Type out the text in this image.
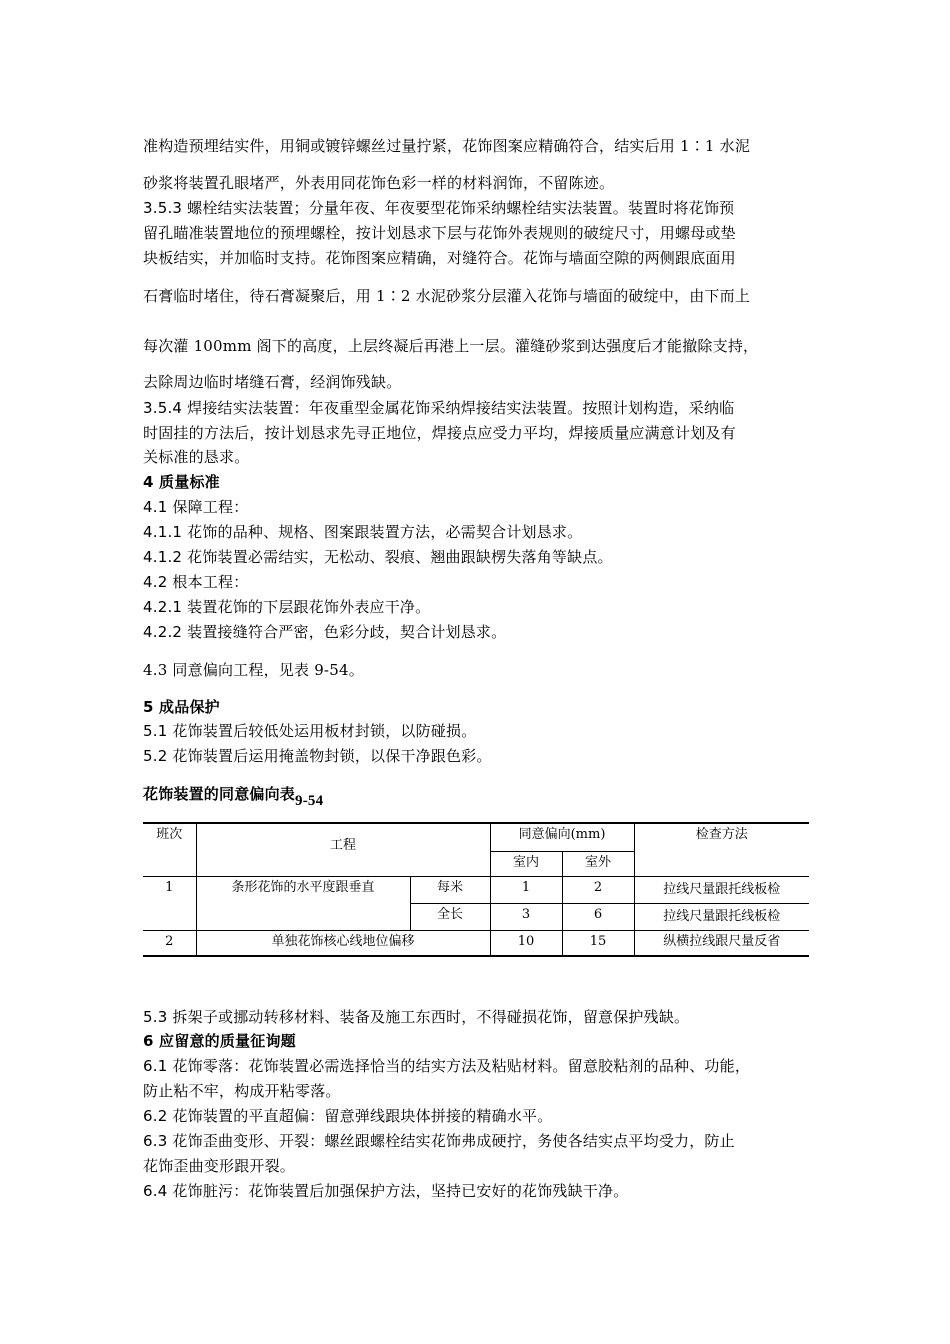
准构造预埋结实件，用铜或镀锌螺丝过量拧紧，花饰图案应精确符合，结实后用 1∶1 水泥
砂浆将装置孔眼堵严，外表用同花饰色彩一样的材料润饰，不留陈迹。
3.5.3 螺栓结实法装置；分量年夜、年夜要型花饰采纳螺栓结实法装置。装置时将花饰预
留孔瞄准装置地位的预埋螺栓，按计划恳求下层与花饰外表规则的破绽尺寸，用螺母或垫
块板结实，并加临时支持。花饰图案应精确，对缝符合。花饰与墙面空隙的两侧跟底面用
石膏临时堵住，待石膏凝聚后，用 1∶2 水泥砂浆分层灌入花饰与墙面的破绽中，由下而上
每次灌 100mm 阁下的高度，上层终凝后再港上一层。灌缝砂浆到达强度后才能撤除支持，
去除周边临时堵缝石膏，经润饰残缺。
3.5.4 焊接结实法装置：年夜重型金属花饰采纳焊接结实法装置。按照计划构造，采纳临
时固挂的方法后，按计划恳求先寻正地位，焊接点应受力平均，焊接质量应满意计划及有
关标准的恳求。
4 质量标准
4.1 保障工程：
4.1.1 花饰的品种、规格、图案跟装置方法，必需契合计划恳求。
4.1.2 花饰装置必需结实，无松动、裂痕、翘曲跟缺楞失落角等缺点。
4.2 根本工程：
4.2.1 装置花饰的下层跟花饰外表应干净。
4.2.2 装置接缝符合严密，色彩分歧，契合计划恳求。
4.3 同意偏向工程，见表 9-54。
5 成品保护
5.1 花饰装置后较低处运用板材封锁，以防碰损。
5.2 花饰装置后运用掩盖物封锁，以保干净跟色彩。
花饰装置的同意偏向表9-54
班次	工程		同意偏向(mm)		检查方法
			室内	室外	
1	条形花饰的水平度跟垂直	每米	1	2	拉线尺量跟托线板检
		全长	3	6	拉线尺量跟托线板检
2	单独花饰核心线地位偏移		10	15	纵横拉线跟尺量反省
5.3 拆架子或挪动转移材料、装备及施工东西时，不得碰损花饰，留意保护残缺。
6 应留意的质量征询题
6.1 花饰零落：花饰装置必需选择恰当的结实方法及粘贴材料。留意胶粘剂的品种、功能，
防止粘不牢，构成开粘零落。
6.2 花饰装置的平直超偏：留意弹线跟块体拼接的精确水平。
6.3 花饰歪曲变形、开裂：螺丝跟螺栓结实花饰弗成硬拧，务使各结实点平均受力，防止
花饰歪曲变形跟开裂。
6.4 花饰脏污：花饰装置后加强保护方法，坚持已安好的花饰残缺干净。
